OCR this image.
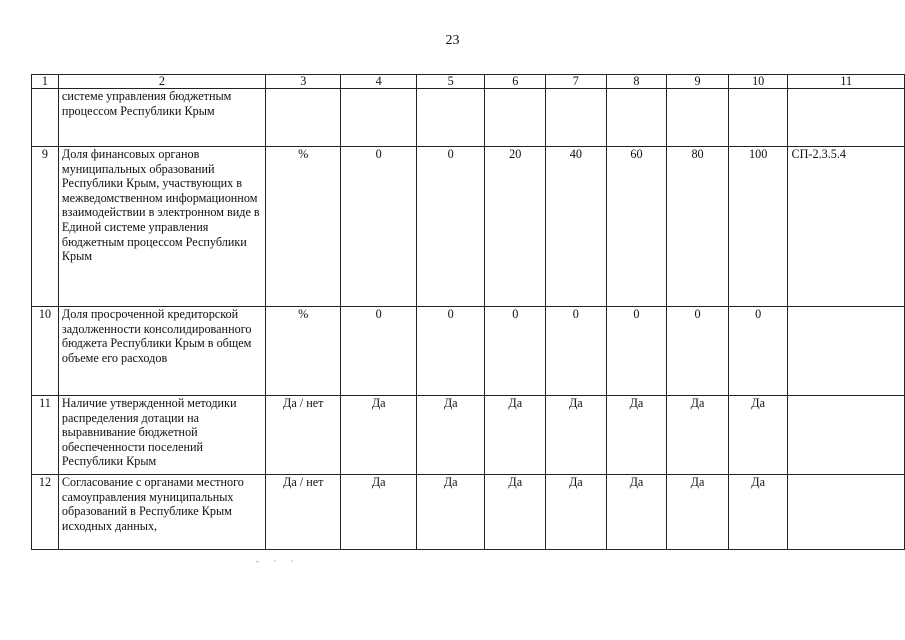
23
1	2	3	4	5	6	7	8	9	10	11
	системе управления бюджетным процессом Республики Крым									
9	Доля финансовых органов муниципальных образований Республики Крым, участвующих в межведомственном информационном взаимодействии в электронном виде в Единой системе управления бюджетным процессом Республики Крым	%	0	0	20	40	60	80	100	СП-2.3.5.4
10	Доля просроченной кредиторской задолженности консолидированного бюджета Республики Крым в общем объеме его расходов	%	0	0	0	0	0	0	0	
11	Наличие утвержденной методики распределения дотации на выравнивание бюджетной обеспеченности поселений Республики Крым	Да / нет	Да	Да	Да	Да	Да	Да	Да	
12	Согласование с органами местного самоуправления муниципальных образований в Республике Крым исходных данных,	Да / нет	Да	Да	Да	Да	Да	Да	Да	
‑ · ·
